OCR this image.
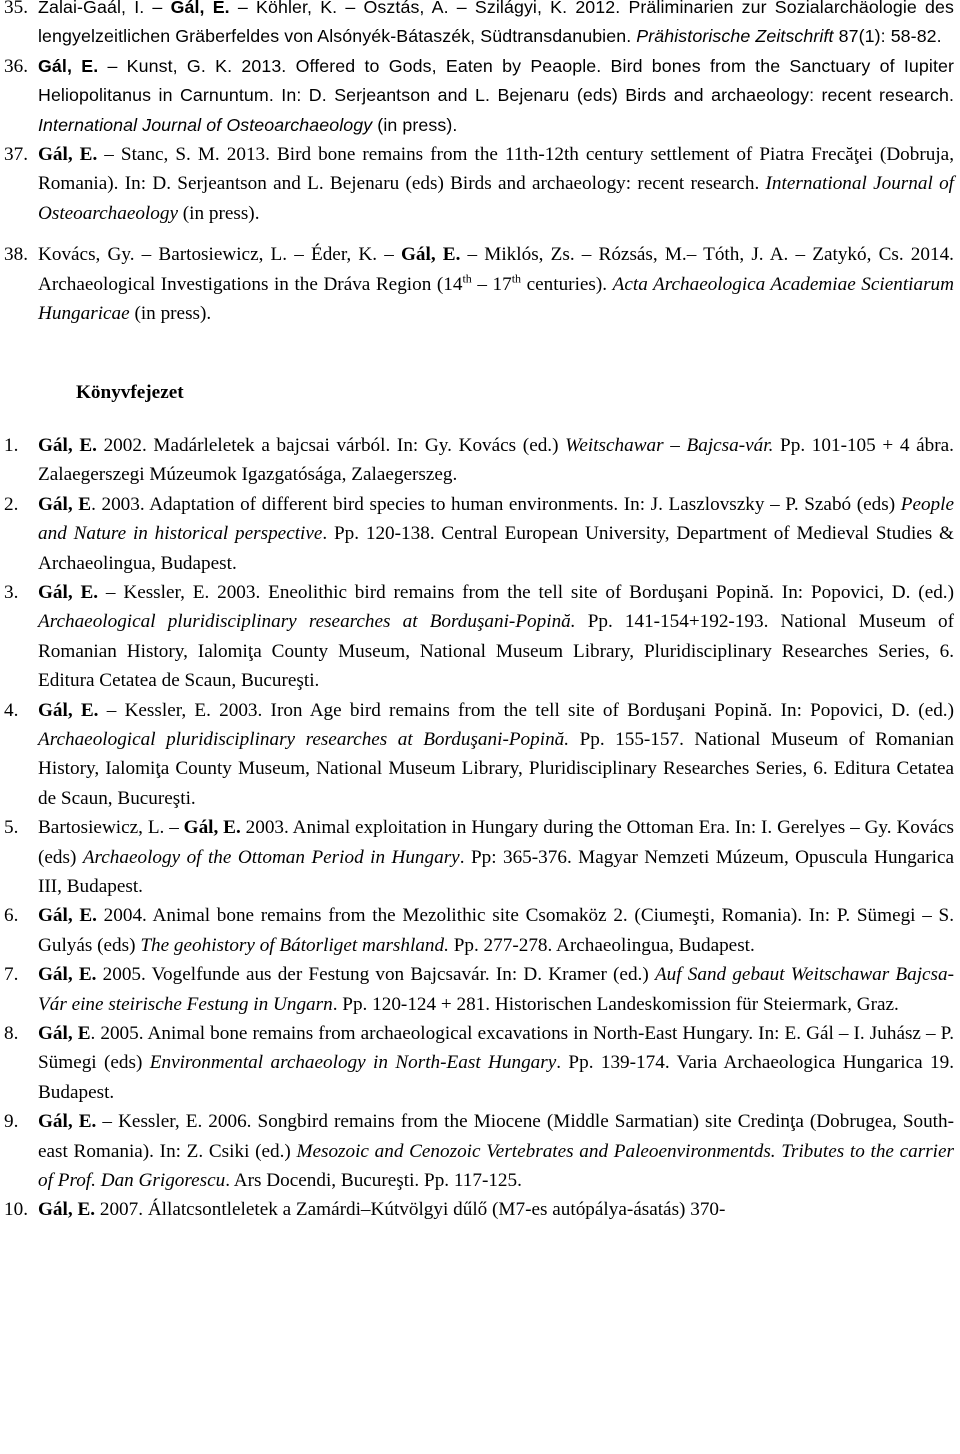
35. Zalai-Gaál, I. – Gál, E. – Köhler, K. – Osztás, A. – Szilágyi, K. 2012. Präliminarien zur Sozialarchäologie des lengyelzeitlichen Gräberfeldes von Alsónyék-Bátaszék, Südtransdanubien. Prähistorische Zeitschrift 87(1): 58-82.
36. Gál, E. – Kunst, G. K. 2013. Offered to Gods, Eaten by Peaople. Bird bones from the Sanctuary of Iupiter Heliopolitanus in Carnuntum. In: D. Serjeantson and L. Bejenaru (eds) Birds and archaeology: recent research. International Journal of Osteoarchaeology (in press).
37. Gál, E. – Stanc, S. M. 2013. Bird bone remains from the 11th-12th century settlement of Piatra Frecăţei (Dobruja, Romania). In: D. Serjeantson and L. Bejenaru (eds) Birds and archaeology: recent research. International Journal of Osteoarchaeology (in press).
38. Kovács, Gy. – Bartosiewicz, L. – Éder, K. – Gál, E. – Miklós, Zs. – Rózsás, M.– Tóth, J. A. – Zatykó, Cs. 2014. Archaeological Investigations in the Dráva Region (14th – 17th centuries). Acta Archaeologica Academiae Scientiarum Hungaricae (in press).
Könyvfejezet
1.	Gál, E. 2002. Madárleletek a bajcsai várból. In: Gy. Kovács (ed.) Weitschawar – Bajcsa-vár. Pp. 101-105 + 4 ábra. Zalaegerszegi Múzeumok Igazgatósága, Zalaegerszeg.
2.	Gál, E. 2003. Adaptation of different bird species to human environments. In: J. Laszlovszky – P. Szabó (eds) People and Nature in historical perspective. Pp. 120-138. Central European University, Department of Medieval Studies & Archaeolingua, Budapest.
3.	Gál, E. – Kessler, E. 2003. Eneolithic bird remains from the tell site of Borduşani Popină. In: Popovici, D. (ed.) Archaeological pluridisciplinary researches at Borduşani-Popină. Pp. 141-154+192-193. National Museum of Romanian History, Ialomiţa County Museum, National Museum Library, Pluridisciplinary Researches Series, 6. Editura Cetatea de Scaun, Bucureşti.
4.	Gál, E. – Kessler, E. 2003. Iron Age bird remains from the tell site of Borduşani Popină. In: Popovici, D. (ed.) Archaeological pluridisciplinary researches at Borduşani-Popină. Pp. 155-157. National Museum of Romanian History, Ialomiţa County Museum, National Museum Library, Pluridisciplinary Researches Series, 6. Editura Cetatea de Scaun, Bucureşti.
5.	Bartosiewicz, L. – Gál, E. 2003. Animal exploitation in Hungary during the Ottoman Era. In: I. Gerelyes – Gy. Kovács (eds) Archaeology of the Ottoman Period in Hungary. Pp: 365-376. Magyar Nemzeti Múzeum, Opuscula Hungarica III, Budapest.
6.	Gál, E. 2004. Animal bone remains from the Mezolithic site Csomaköz 2. (Ciumeşti, Romania). In: P. Sümegi – S. Gulyás (eds) The geohistory of Bátorliget marshland. Pp. 277-278. Archaeolingua, Budapest.
7.	Gál, E. 2005. Vogelfunde aus der Festung von Bajcsavár. In: D. Kramer (ed.) Auf Sand gebaut Weitschawar Bajcsa-Vár eine steirische Festung in Ungarn. Pp. 120-124 + 281. Historischen Landeskomission für Steiermark, Graz.
8.	Gál, E. 2005. Animal bone remains from archaeological excavations in North-East Hungary. In: E. Gál – I. Juhász – P. Sümegi (eds) Environmental archaeology in North-East Hungary. Pp. 139-174. Varia Archaeologica Hungarica 19. Budapest.
9.	Gál, E. – Kessler, E. 2006. Songbird remains from the Miocene (Middle Sarmatian) site Credinţa (Dobrugea, South-east Romania). In: Z. Csiki (ed.) Mesozoic and Cenozoic Vertebrates and Paleoenvironmentds. Tributes to the carrier of Prof. Dan Grigorescu. Ars Docendi, Bucureşti. Pp. 117-125.
10. Gál, E. 2007. Állatcsontleletek a Zamárdi–Kútvölgyi dűlő (M7-es autópálya-ásatás) 370-
